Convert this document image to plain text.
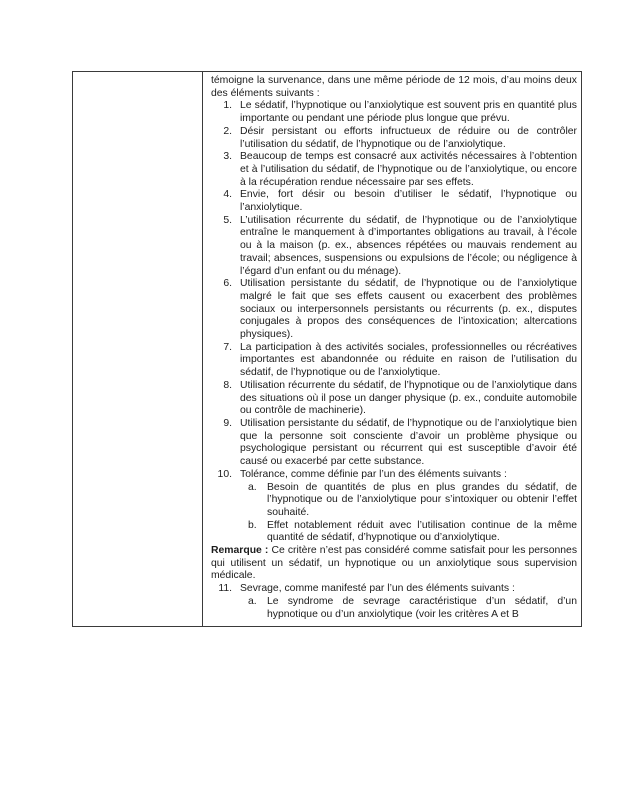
témoigne la survenance, dans une même période de 12 mois, d’au moins deux des éléments suivants :

1. Le sédatif, l’hypnotique ou l’anxiolytique est souvent pris en quantité plus importante ou pendant une période plus longue que prévu.
2. Désir persistant ou efforts infructueux de réduire ou de contrôler l’utilisation du sédatif, de l’hypnotique ou de l’anxiolytique.
3. Beaucoup de temps est consacré aux activités nécessaires à l’obtention et à l’utilisation du sédatif, de l’hypnotique ou de l’anxiolytique, ou encore à la récupération rendue nécessaire par ses effets.
4. Envie, fort désir ou besoin d’utiliser le sédatif, l’hypnotique ou l’anxiolytique.
5. L’utilisation récurrente du sédatif, de l’hypnotique ou de l’anxiolytique entraîne le manquement à d’importantes obligations au travail, à l’école ou à la maison (p. ex., absences répétées ou mauvais rendement au travail; absences, suspensions ou expulsions de l’école; ou négligence à l’égard d’un enfant ou du ménage).
6. Utilisation persistante du sédatif, de l’hypnotique ou de l’anxiolytique malgré le fait que ses effets causent ou exacerbent des problèmes sociaux ou interpersonnels persistants ou récurrents (p. ex., disputes conjugales à propos des conséquences de l’intoxication; altercations physiques).
7. La participation à des activités sociales, professionnelles ou récréatives importantes est abandonnée ou réduite en raison de l’utilisation du sédatif, de l’hypnotique ou de l’anxiolytique.
8. Utilisation récurrente du sédatif, de l’hypnotique ou de l’anxiolytique dans des situations où il pose un danger physique (p. ex., conduite automobile ou contrôle de machinerie).
9. Utilisation persistante du sédatif, de l’hypnotique ou de l’anxiolytique bien que la personne soit consciente d’avoir un problème physique ou psychologique persistant ou récurrent qui est susceptible d’avoir été causé ou exacerbé par cette substance.
10. Tolérance, comme définie par l’un des éléments suivants :
a. Besoin de quantités de plus en plus grandes du sédatif, de l’hypnotique ou de l’anxiolytique pour s’intoxiquer ou obtenir l’effet souhaité.
b. Effet notablement réduit avec l’utilisation continue de la même quantité de sédatif, d’hypnotique ou d’anxiolytique.

Remarque : Ce critère n’est pas considéré comme satisfait pour les personnes qui utilisent un sédatif, un hypnotique ou un anxiolytique sous supervision médicale.

11. Sevrage, comme manifesté par l’un des éléments suivants :
a. Le syndrome de sevrage caractéristique d’un sédatif, d’un hypnotique ou d’un anxiolytique (voir les critères A et B
